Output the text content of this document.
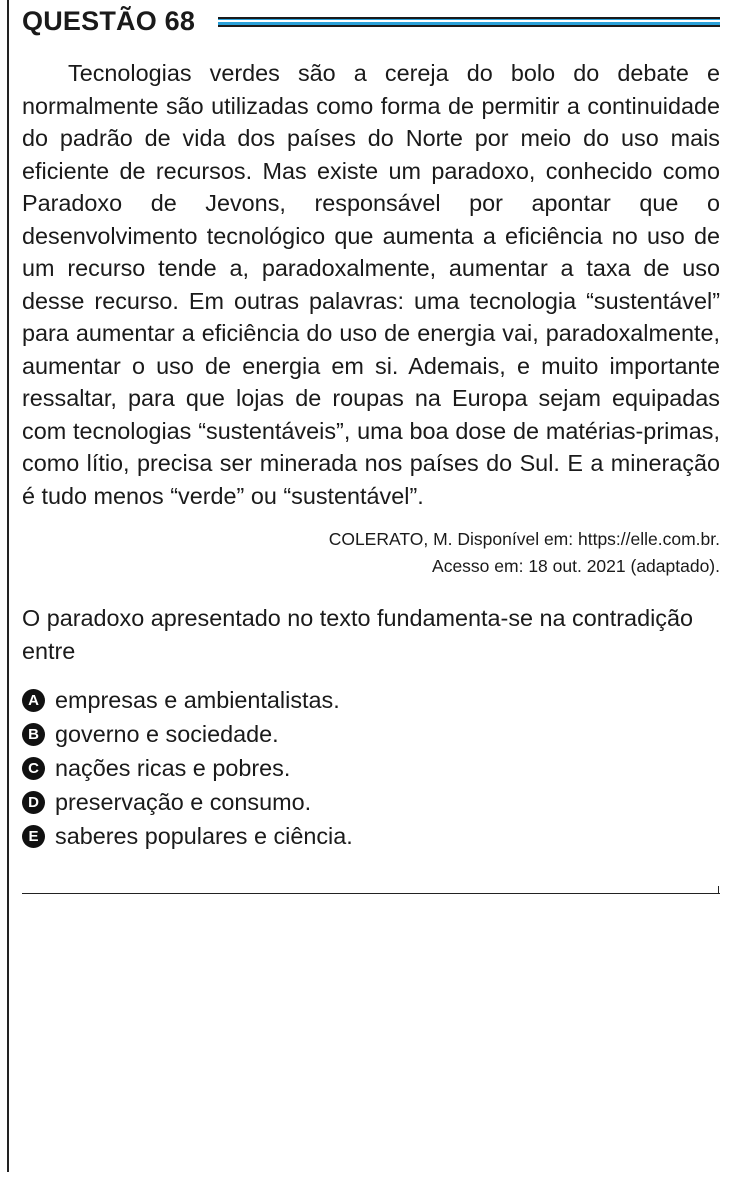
QUESTÃO 68

Tecnologias verdes são a cereja do bolo do debate e normalmente são utilizadas como forma de permitir a continuidade do padrão de vida dos países do Norte por meio do uso mais eficiente de recursos. Mas existe um paradoxo, conhecido como Paradoxo de Jevons, responsável por apontar que o desenvolvimento tecnológico que aumenta a eficiência no uso de um recurso tende a, paradoxalmente, aumentar a taxa de uso desse recurso. Em outras palavras: uma tecnologia “sustentável” para aumentar a eficiência do uso de energia vai, paradoxalmente, aumentar o uso de energia em si. Ademais, e muito importante ressaltar, para que lojas de roupas na Europa sejam equipadas com tecnologias “sustentáveis”, uma boa dose de matérias-primas, como lítio, precisa ser minerada nos países do Sul. E a mineração é tudo menos “verde” ou “sustentável”.

COLERATO, M. Disponível em: https://elle.com.br.
Acesso em: 18 out. 2021 (adaptado).

O paradoxo apresentado no texto fundamenta-se na contradição entre

A empresas e ambientalistas.
B governo e sociedade.
C nações ricas e pobres.
D preservação e consumo.
E saberes populares e ciência.
